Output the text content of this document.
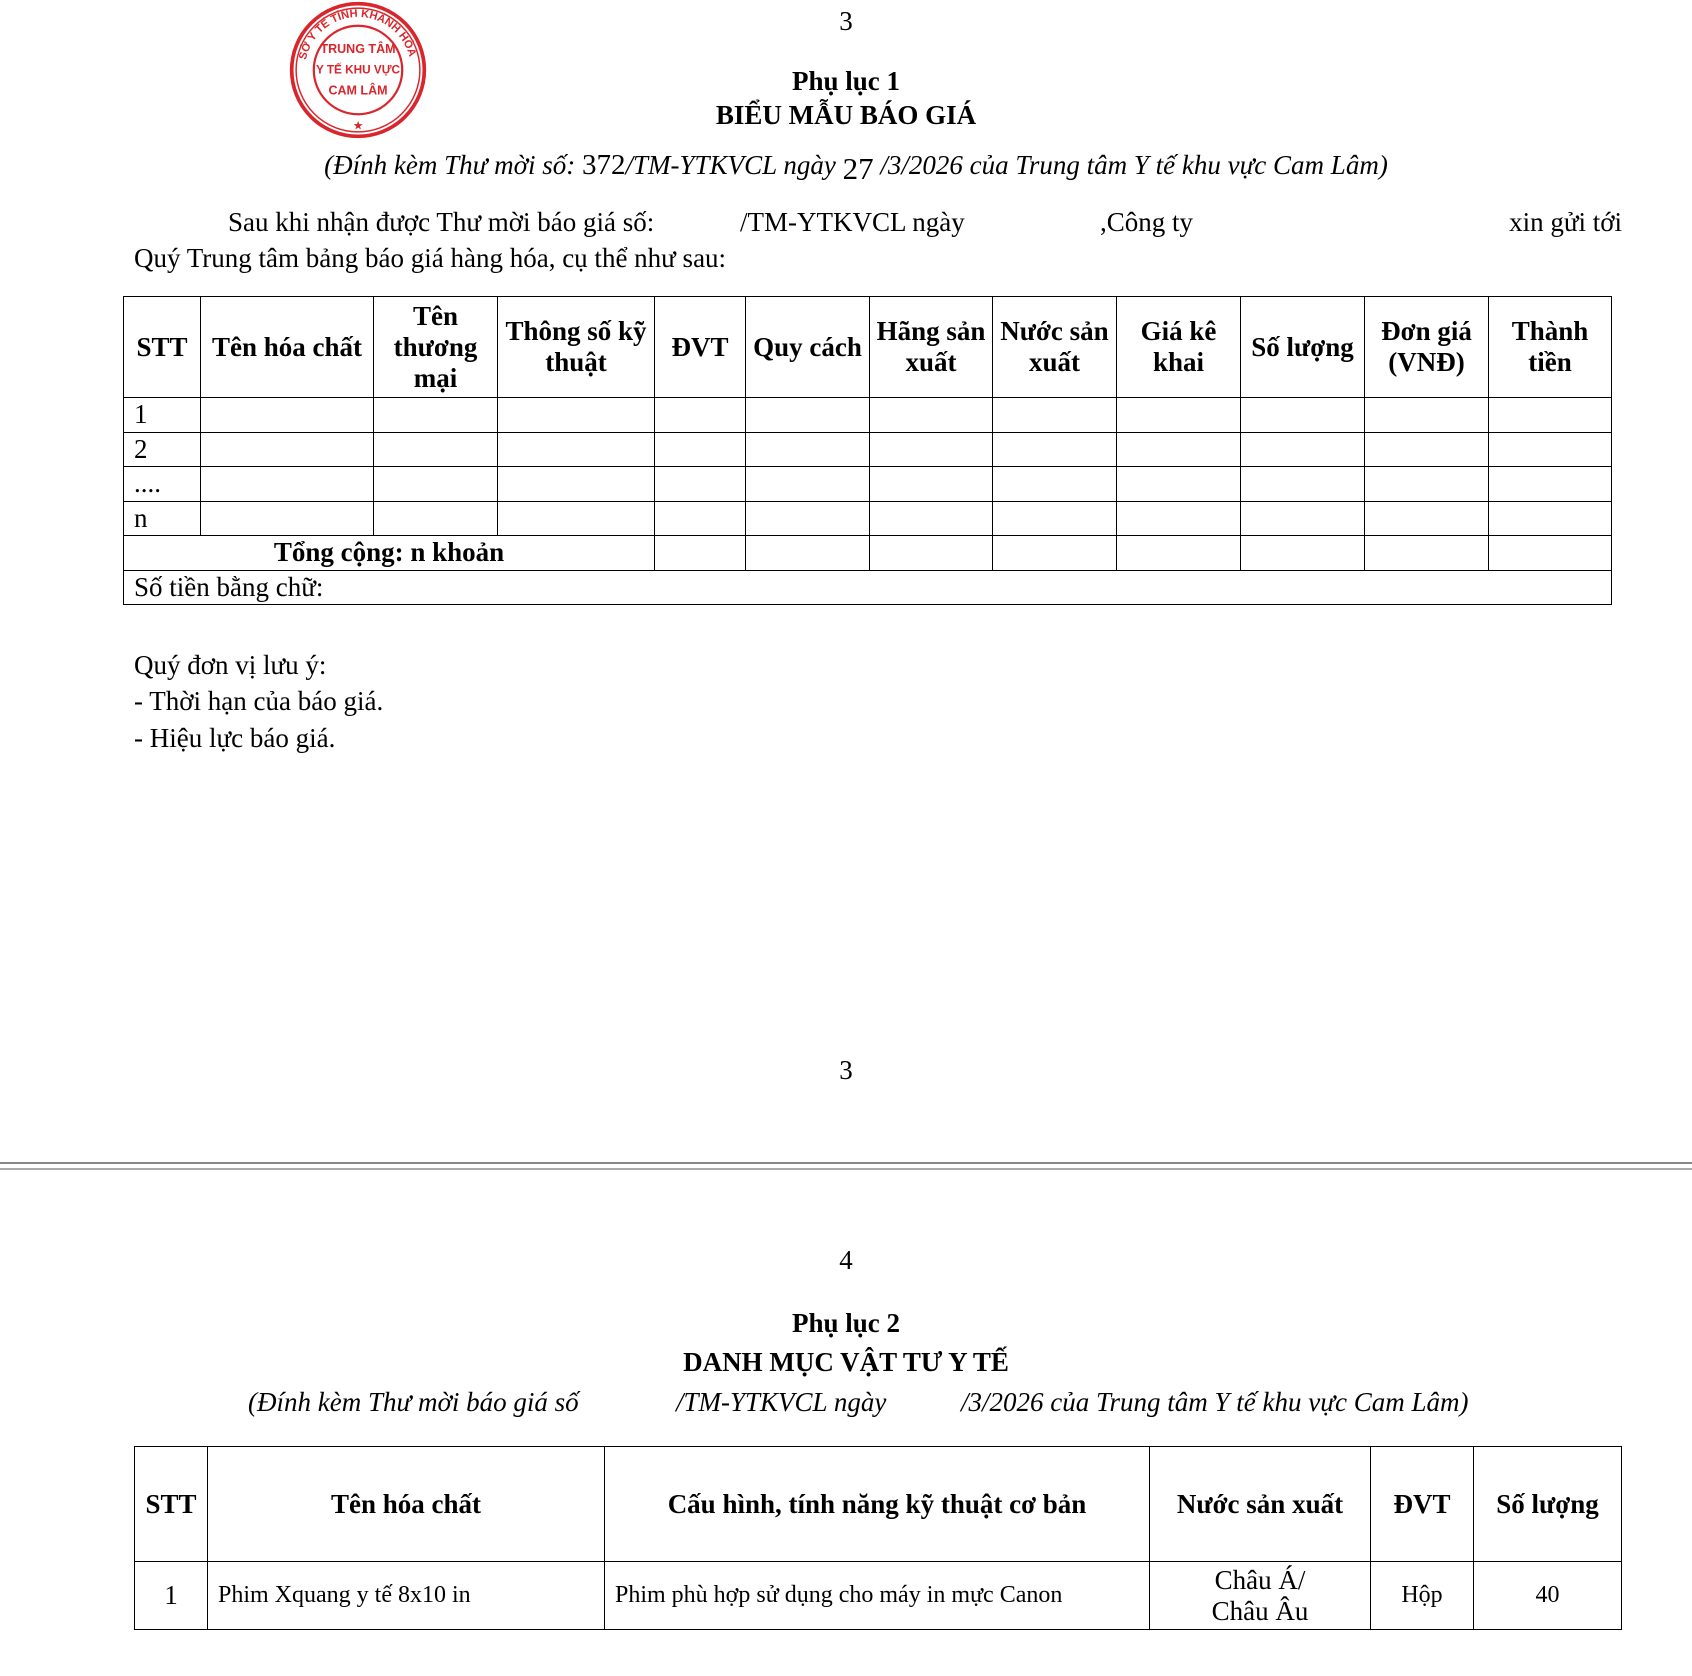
SỞ Y TẾ TỈNH KHÁNH HÒA
TRUNG TÂM
Y TẾ KHU VỰC
CAM LÂM
★
3
Phụ lục 1
BIỂU MẪU BÁO GIÁ
(Đính kèm Thư mời số: 372/TM-YTKVCL ngày 27 /3/2026 của Trung tâm Y tế khu vực Cam Lâm)
Sau khi nhận được Thư mời báo giá số:	/TM-YTKVCL ngày	,Công ty	xin gửi tới
Quý Trung tâm bảng báo giá hàng hóa, cụ thể như sau:
STT	Tên hóa chất	Tên thương mại	Thông số kỹ thuật	ĐVT	Quy cách	Hãng sản xuất	Nước sản xuất	Giá kê khai	Số lượng	Đơn giá (VNĐ)	Thành tiền
1											
2											
....											
n											
Tổng cộng: n khoản											
Số tiền bằng chữ:											
Quý đơn vị lưu ý:
- Thời hạn của báo giá.
- Hiệu lực báo giá.
3
4
Phụ lục 2
DANH MỤC VẬT TƯ Y TẾ
(Đính kèm Thư mời báo giá số	/TM-YTKVCL ngày	/3/2026 của Trung tâm Y tế khu vực Cam Lâm)
STT	Tên hóa chất	Cấu hình, tính năng kỹ thuật cơ bản	Nước sản xuất	ĐVT	Số lượng
1	Phim Xquang y tế 8x10 in	Phim phù hợp sử dụng cho máy in mực Canon	Châu Á/
Châu Âu	Hộp	40
